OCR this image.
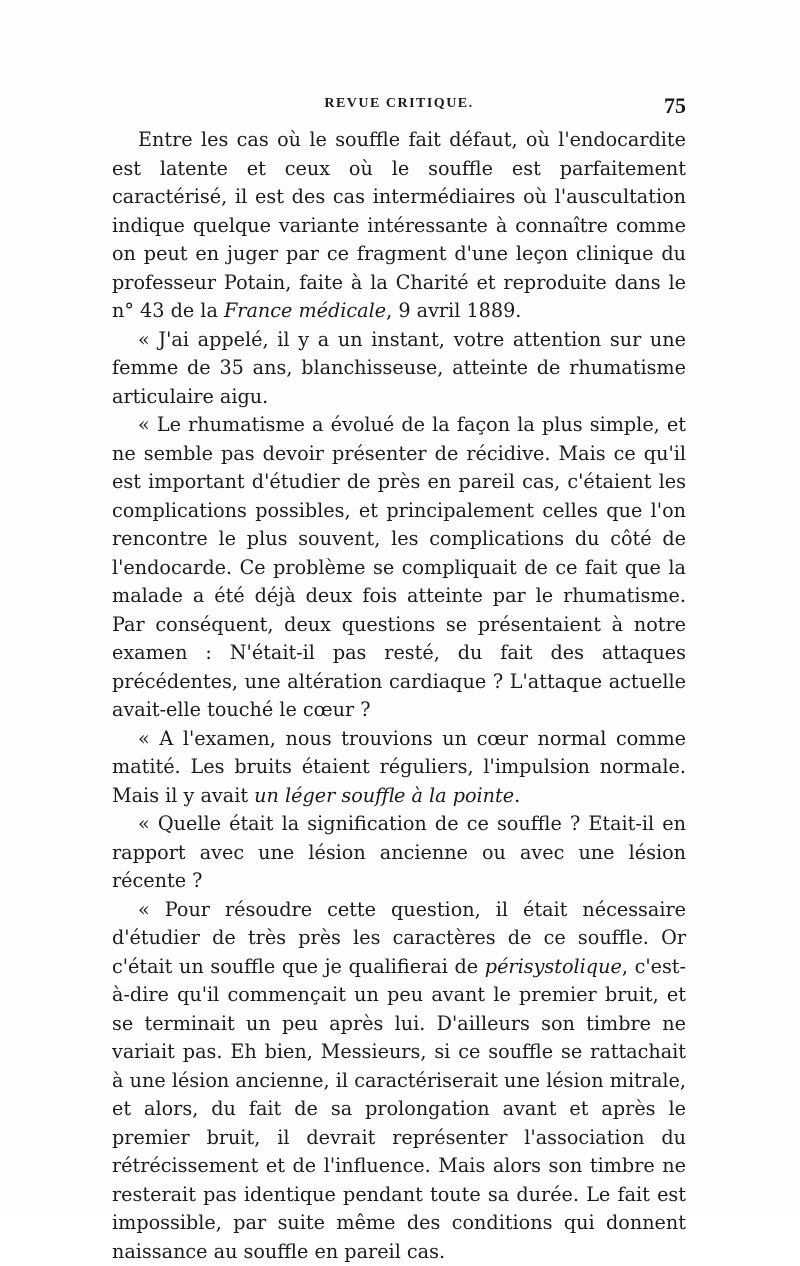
REVUE CRITIQUE.	75

Entre les cas où le souffle fait défaut, où l'endocardite est latente et ceux où le souffle est parfaitement caractérisé, il est des cas intermédiaires où l'auscultation indique quelque variante intéressante à connaître comme on peut en juger par ce fragment d'une leçon clinique du professeur Potain, faite à la Charité et reproduite dans le n° 43 de la France médicale, 9 avril 1889.

« J'ai appelé, il y a un instant, votre attention sur une femme de 35 ans, blanchisseuse, atteinte de rhumatisme articulaire aigu.

« Le rhumatisme a évolué de la façon la plus simple, et ne semble pas devoir présenter de récidive. Mais ce qu'il est important d'étudier de près en pareil cas, c'étaient les complications possibles, et principalement celles que l'on rencontre le plus souvent, les complications du côté de l'endocarde. Ce problème se compliquait de ce fait que la malade a été déjà deux fois atteinte par le rhumatisme. Par conséquent, deux questions se présentaient à notre examen : N'était-il pas resté, du fait des attaques précédentes, une altération cardiaque ? L'attaque actuelle avait-elle touché le cœur ?

« A l'examen, nous trouvions un cœur normal comme matité. Les bruits étaient réguliers, l'impulsion normale. Mais il y avait un léger souffle à la pointe.

« Quelle était la signification de ce souffle ? Etait-il en rapport avec une lésion ancienne ou avec une lésion récente ?

« Pour résoudre cette question, il était nécessaire d'étudier de très près les caractères de ce souffle. Or c'était un souffle que je qualifierai de périsystolique, c'est-à-dire qu'il commençait un peu avant le premier bruit, et se terminait un peu après lui. D'ailleurs son timbre ne variait pas. Eh bien, Messieurs, si ce souffle se rattachait à une lésion ancienne, il caractériserait une lésion mitrale, et alors, du fait de sa prolongation avant et après le premier bruit, il devrait représenter l'association du rétrécissement et de l'influence. Mais alors son timbre ne resterait pas identique pendant toute sa durée. Le fait est impossible, par suite même des conditions qui donnent naissance au souffle en pareil cas.
